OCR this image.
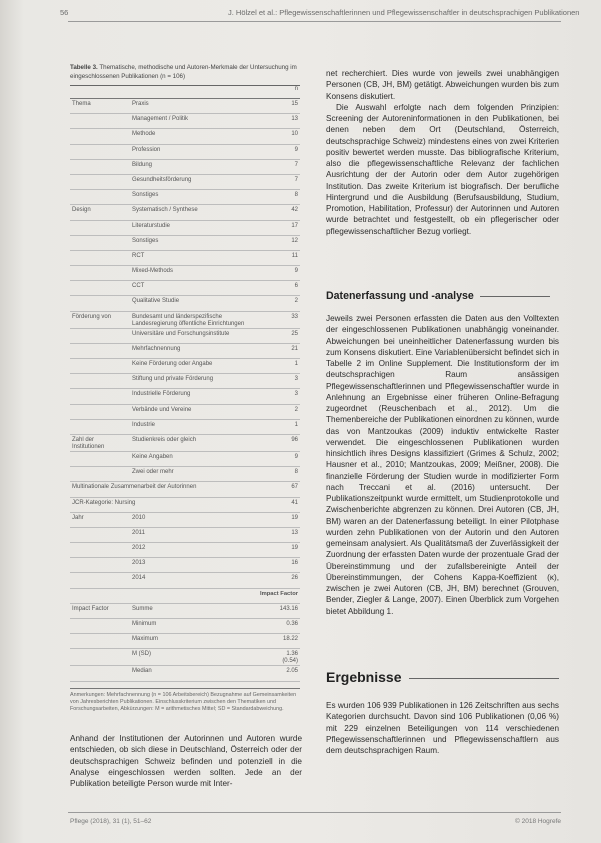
56	J. Hölzel et al.: Pflegewissenschaftlerinnen und Pflegewissenschaftler in deutschsprachigen Publikationen
Tabelle 3. Thematische, methodische und Autoren-Merkmale der Untersuchung im eingeschlossenen Publikationen (n = 106)

		n
Thema	Praxis	15
	Management / Politik	13
	Methode	10
	Profession	9
	Bildung	7
	Gesundheitsförderung	7
	Sonstiges	8
Design	Systematisch / Synthese	42
	Literaturstudie	17
	Sonstiges	12
	RCT	11
	Mixed-Methods	9
	CCT	6
	Qualitative Studie	2
Förderung von	Bundesamt und länderspezifische Landesregierung öffentliche Einrichtungen	33
	Universitäre und Forschungsinstitute	25
	Mehrfachnennung	21
	Keine Förderung oder Angabe	1
	Stiftung und private Förderung	3
	Industrielle Förderung	3
	Verbände und Vereine	2
	Industrie	1
Zahl der Institutionen	Studienkreis oder gleich	96
	Keine Angaben	9
	Zwei oder mehr	8
Multinationale Zusammenarbeit der Autorinnen		67
JCR-Kategorie: Nursing		41
Jahr	2010	19
	2011	13
	2012	19
	2013	16
	2014	26
Impact Factor		
Impact Factor	Summe	143.16
	Minimum	0.36
	Maximum	18.22
	M (SD)	1.36 (0.54)
	Median	2.05
Anmerkungen: Mehrfachnennung (n = 106 Arbeitsbereich) Bezugnahme auf Gemeinsamkeiten von Jahresberichten Publikationen. Einschlusskriterium zwischen den Thematiken und Forschungsarbeiten, Abkürzungen: M = arithmetisches Mittel; SD = Standardabweichung.
Anhand der Institutionen der Autorinnen und Autoren wurde entschieden, ob sich diese in Deutschland, Österreich oder der deutschsprachigen Schweiz befinden und potenziell in die Analyse eingeschlossen werden sollten. Jede an der Publikation beteiligte Person wurde mit Inter-

net recherchiert. Dies wurde von jeweils zwei unabhängigen Personen (CB, JH, BM) getätigt. Abweichungen wurden bis zum Konsens diskutiert.

Die Auswahl erfolgte nach dem folgenden Prinzipien: Screening der Autoreninformationen in den Publikationen, bei denen neben dem Ort (Deutschland, Österreich, deutschsprachige Schweiz) mindestens eines von zwei Kriterien positiv bewertet werden musste. Das bibliografische Kriterium, also die pflegewissenschaftliche Relevanz der fachlichen Ausrichtung der der Autorin oder dem Autor zugehörigen Institution. Das zweite Kriterium ist biografisch. Der berufliche Hintergrund und die Ausbildung (Berufsausbildung, Studium, Promotion, Habilitation, Professur) der Autorinnen und Autoren wurde betrachtet und festgestellt, ob ein pflegerischer oder pflegewissenschaftlicher Bezug vorliegt.

Datenerfassung und -analyse
Jeweils zwei Personen erfassten die Daten aus den Volltexten der eingeschlossenen Publikationen unabhängig voneinander. Abweichungen bei uneinheitlicher Datenerfassung wurden bis zum Konsens diskutiert. Eine Variablenübersicht befindet sich in Tabelle 2 im Online Supplement. Die Institutionsform der im deutschsprachigen Raum ansässigen Pflegewissenschaftlerinnen und Pflegewissenschaftler wurde in Anlehnung an Ergebnisse einer früheren Online-Befragung zugeordnet (Reuschenbach et al., 2012). Um die Themenbereiche der Publikationen einordnen zu können, wurde das von Mantzoukas (2009) induktiv entwickelte Raster verwendet. Die eingeschlossenen Publikationen wurden hinsichtlich ihres Designs klassifiziert (Grimes & Schulz, 2002; Hausner et al., 2010; Mantzoukas, 2009; Meißner, 2008). Die finanzielle Förderung der Studien wurde in modifizierter Form nach Treccani et al. (2016) untersucht. Der Publikationszeitpunkt wurde ermittelt, um Studienprotokolle und Zwischenberichte abgrenzen zu können. Drei Autoren (CB, JH, BM) waren an der Datenerfassung beteiligt. In einer Pilotphase wurden zehn Publikationen von der Autorin und den Autoren gemeinsam analysiert. Als Qualitätsmaß der Zuverlässigkeit der Zuordnung der erfassten Daten wurde der prozentuale Grad der Übereinstimmung und der zufallsbereinigte Anteil der Übereinstimmungen, der Cohens Kappa-Koeffizient (κ), zwischen je zwei Autoren (CB, JH, BM) berechnet (Grouven, Bender, Ziegler & Lange, 2007). Einen Überblick zum Vorgehen bietet Abbildung 1.
Ergebnisse
Es wurden 106 939 Publikationen in 126 Zeitschriften aus sechs Kategorien durchsucht. Davon sind 106 Publikationen (0,06 %) mit 229 einzelnen Beteiligungen von 114 verschiedenen Pflegewissenschaftlerinnen und Pflegewissenschaftlern aus dem deutschsprachigen Raum.
Pflege (2018), 31 (1), 51–62	© 2018 Hogrefe
